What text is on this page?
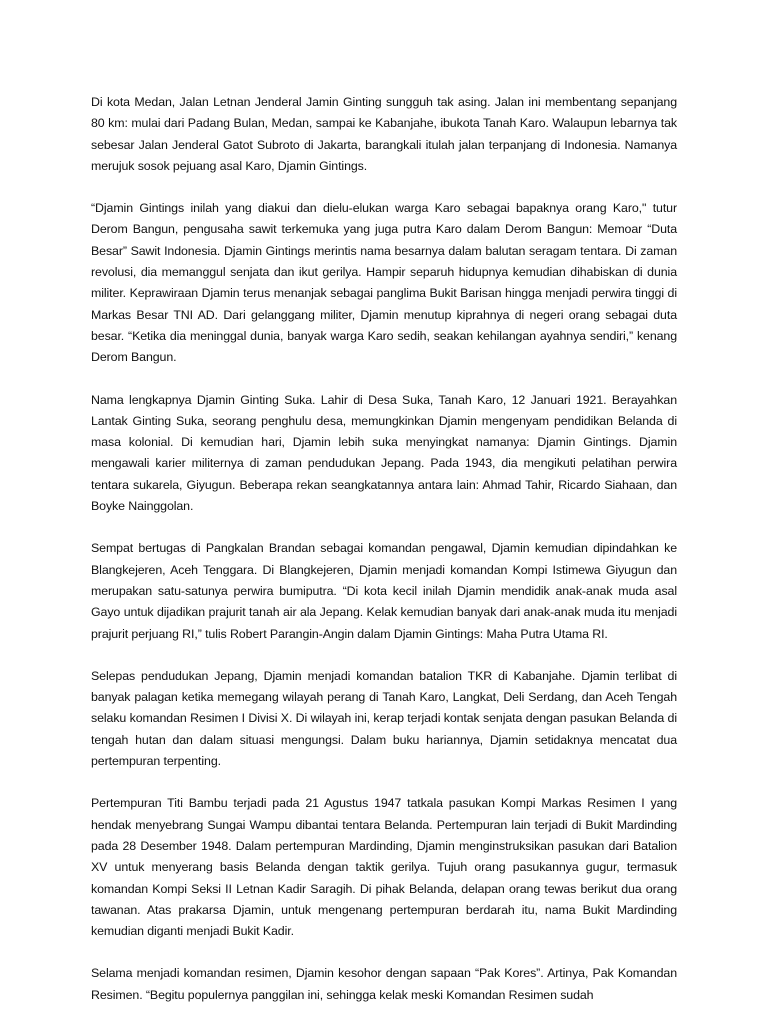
Di kota Medan, Jalan Letnan Jenderal Jamin Ginting sungguh tak asing. Jalan ini membentang sepanjang 80 km: mulai dari Padang Bulan, Medan, sampai ke Kabanjahe, ibukota Tanah Karo. Walaupun lebarnya tak sebesar Jalan Jenderal Gatot Subroto di Jakarta, barangkali itulah jalan terpanjang di Indonesia. Namanya merujuk sosok pejuang asal Karo, Djamin Gintings.

“Djamin Gintings inilah yang diakui dan dielu-elukan warga Karo sebagai bapaknya orang Karo," tutur Derom Bangun, pengusaha sawit terkemuka yang juga putra Karo dalam Derom Bangun: Memoar “Duta Besar” Sawit Indonesia. Djamin Gintings merintis nama besarnya dalam balutan seragam tentara. Di zaman revolusi, dia memanggul senjata dan ikut gerilya. Hampir separuh hidupnya kemudian dihabiskan di dunia militer. Keprawiraan Djamin terus menanjak sebagai panglima Bukit Barisan hingga menjadi perwira tinggi di Markas Besar TNI AD. Dari gelanggang militer, Djamin menutup kiprahnya di negeri orang sebagai duta besar. “Ketika dia meninggal dunia, banyak warga Karo sedih, seakan kehilangan ayahnya sendiri,” kenang Derom Bangun.

Nama lengkapnya Djamin Ginting Suka. Lahir di Desa Suka, Tanah Karo, 12 Januari 1921. Berayahkan Lantak Ginting Suka, seorang penghulu desa, memungkinkan Djamin mengenyam pendidikan Belanda di masa kolonial. Di kemudian hari, Djamin lebih suka menyingkat namanya: Djamin Gintings. Djamin mengawali karier militernya di zaman pendudukan Jepang. Pada 1943, dia mengikuti pelatihan perwira tentara sukarela, Giyugun. Beberapa rekan seangkatannya antara lain: Ahmad Tahir, Ricardo Siahaan, dan Boyke Nainggolan.

Sempat bertugas di Pangkalan Brandan sebagai komandan pengawal, Djamin kemudian dipindahkan ke Blangkejeren, Aceh Tenggara. Di Blangkejeren, Djamin menjadi komandan Kompi Istimewa Giyugun dan merupakan satu-satunya perwira bumiputra. “Di kota kecil inilah Djamin mendidik anak-anak muda asal Gayo untuk dijadikan prajurit tanah air ala Jepang. Kelak kemudian banyak dari anak-anak muda itu menjadi prajurit perjuang RI,” tulis Robert Parangin-Angin dalam Djamin Gintings: Maha Putra Utama RI.

Selepas pendudukan Jepang, Djamin menjadi komandan batalion TKR di Kabanjahe. Djamin terlibat di banyak palagan ketika memegang wilayah perang di Tanah Karo, Langkat, Deli Serdang, dan Aceh Tengah selaku komandan Resimen I Divisi X. Di wilayah ini, kerap terjadi kontak senjata dengan pasukan Belanda di tengah hutan dan dalam situasi mengungsi. Dalam buku hariannya, Djamin setidaknya mencatat dua pertempuran terpenting.

Pertempuran Titi Bambu terjadi pada 21 Agustus 1947 tatkala pasukan Kompi Markas Resimen I yang hendak menyebrang Sungai Wampu dibantai tentara Belanda. Pertempuran lain terjadi di Bukit Mardinding pada 28 Desember 1948. Dalam pertempuran Mardinding, Djamin menginstruksikan pasukan dari Batalion XV untuk menyerang basis Belanda dengan taktik gerilya. Tujuh orang pasukannya gugur, termasuk komandan Kompi Seksi II Letnan Kadir Saragih. Di pihak Belanda, delapan orang tewas berikut dua orang tawanan. Atas prakarsa Djamin, untuk mengenang pertempuran berdarah itu, nama Bukit Mardinding kemudian diganti menjadi Bukit Kadir.

Selama menjadi komandan resimen, Djamin kesohor dengan sapaan “Pak Kores”. Artinya, Pak Komandan Resimen. “Begitu populernya panggilan ini, sehingga kelak meski Komandan Resimen sudah
